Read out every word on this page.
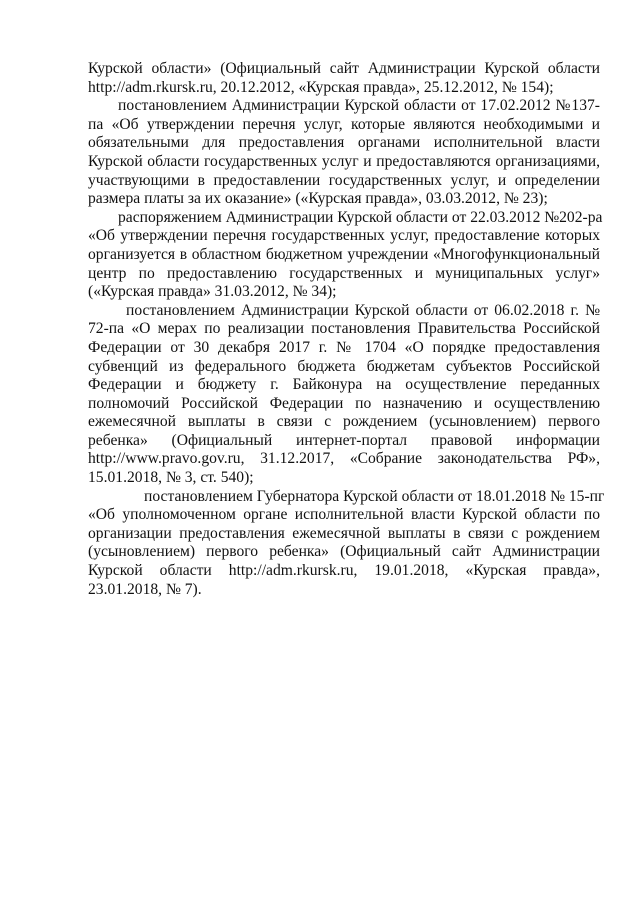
Курской области» (Официальный сайт Администрации Курской области
http://adm.rkursk.ru, 20.12.2012, «Курская правда», 25.12.2012, № 154);

постановлением Администрации Курской области от 17.02.2012 №137-
па «Об утверждении перечня услуг, которые являются необходимыми и
обязательными для предоставления органами исполнительной власти
Курской области государственных услуг и предоставляются организациями,
участвующими в предоставлении государственных услуг, и определении
размера платы за их оказание» («Курская правда», 03.03.2012, № 23);

распоряжением Администрации Курской области от 22.03.2012 №202-ра
«Об утверждении перечня государственных услуг, предоставление которых
организуется в областном бюджетном учреждении «Многофункциональный
центр по предоставлению государственных и муниципальных услуг»
(«Курская правда» 31.03.2012, № 34);

постановлением Администрации Курской области от 06.02.2018 г. №
72-па «О мерах по реализации постановления Правительства Российской
Федерации от 30 декабря 2017 г. № 1704 «О порядке предоставления
субвенций из федерального бюджета бюджетам субъектов Российской
Федерации и бюджету г. Байконура на осуществление переданных
полномочий Российской Федерации по назначению и осуществлению
ежемесячной выплаты в связи с рождением (усыновлением) первого
ребенка» (Официальный интернет-портал правовой информации
http://www.pravo.gov.ru, 31.12.2017, «Собрание законодательства РФ»,
15.01.2018, № 3, ст. 540);

постановлением Губернатора Курской области от 18.01.2018 № 15-пг
«Об уполномоченном органе исполнительной власти Курской области по
организации предоставления ежемесячной выплаты в связи с рождением
(усыновлением) первого ребенка» (Официальный сайт Администрации
Курской области http://adm.rkursk.ru, 19.01.2018, «Курская правда»,
23.01.2018, № 7).
